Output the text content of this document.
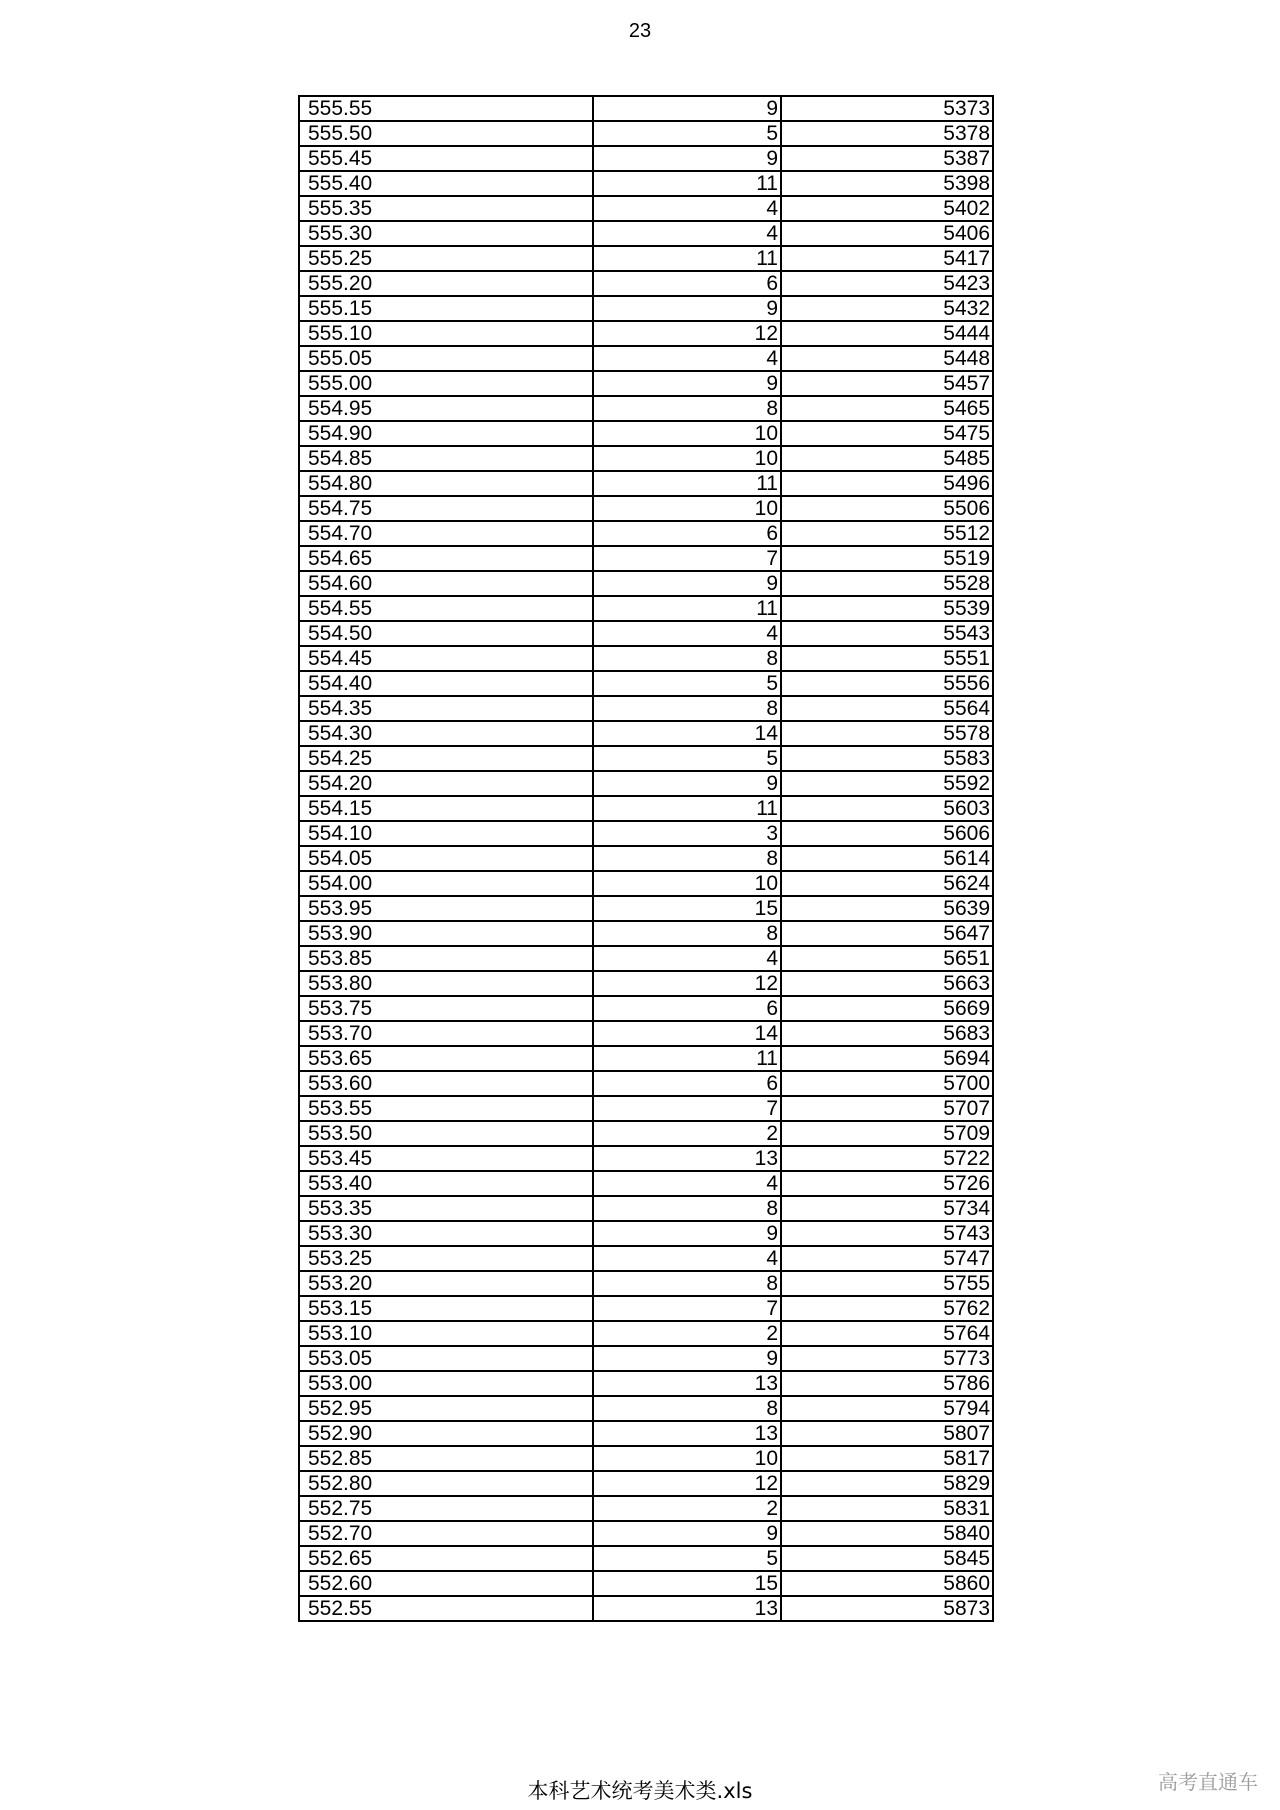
23
555.55	9	5373
555.50	5	5378
555.45	9	5387
555.40	11	5398
555.35	4	5402
555.30	4	5406
555.25	11	5417
555.20	6	5423
555.15	9	5432
555.10	12	5444
555.05	4	5448
555.00	9	5457
554.95	8	5465
554.90	10	5475
554.85	10	5485
554.80	11	5496
554.75	10	5506
554.70	6	5512
554.65	7	5519
554.60	9	5528
554.55	11	5539
554.50	4	5543
554.45	8	5551
554.40	5	5556
554.35	8	5564
554.30	14	5578
554.25	5	5583
554.20	9	5592
554.15	11	5603
554.10	3	5606
554.05	8	5614
554.00	10	5624
553.95	15	5639
553.90	8	5647
553.85	4	5651
553.80	12	5663
553.75	6	5669
553.70	14	5683
553.65	11	5694
553.60	6	5700
553.55	7	5707
553.50	2	5709
553.45	13	5722
553.40	4	5726
553.35	8	5734
553.30	9	5743
553.25	4	5747
553.20	8	5755
553.15	7	5762
553.10	2	5764
553.05	9	5773
553.00	13	5786
552.95	8	5794
552.90	13	5807
552.85	10	5817
552.80	12	5829
552.75	2	5831
552.70	9	5840
552.65	5	5845
552.60	15	5860
552.55	13	5873
本科艺术统考美术类.xls	高考直通车
